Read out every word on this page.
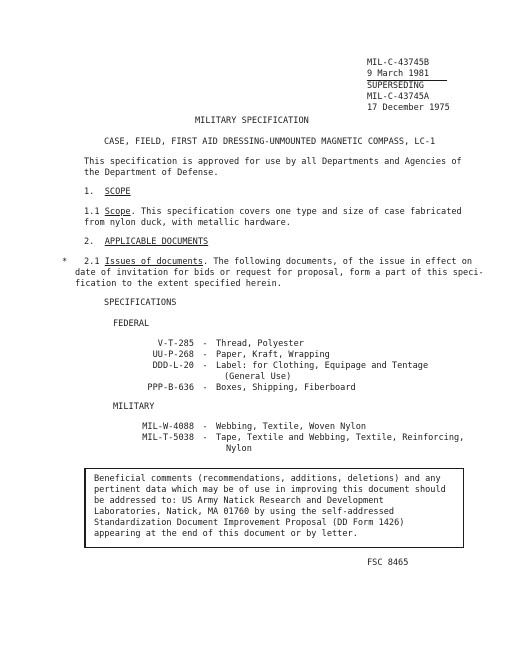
MIL-C-43745B
9 March 1981
SUPERSEDING
MIL-C-43745A
17 December 1975
MILITARY SPECIFICATION
CASE, FIELD, FIRST AID DRESSING-UNMOUNTED MAGNETIC COMPASS, LC-1
This specification is approved for use by all Departments and Agencies of the Department of Defense.
1. SCOPE
1.1 Scope. This specification covers one type and size of case fabricated from nylon duck, with metallic hardware.
2. APPLICABLE DOCUMENTS
* 2.1 Issues of documents. The following documents, of the issue in effect on
date of invitation for bids or request for proposal, form a part of this speci-
fication to the extent specified herein.
SPECIFICATIONS
FEDERAL
V-T-285 - Thread, Polyester
UU-P-268 - Paper, Kraft, Wrapping
DDD-L-20 - Label: for Clothing, Equipage and Tentage
(General Use)
PPP-B-636 - Boxes, Shipping, Fiberboard
MILITARY
MIL-W-4088 - Webbing, Textile, Woven Nylon
MIL-T-5038 - Tape, Textile and Webbing, Textile, Reinforcing,
Nylon
Beneficial comments (recommendations, additions, deletions) and any pertinent data which may be of use in improving this document should be addressed to: US Army Natick Research and Development Laboratories, Natick, MA 01760 by using the self-addressed Standardization Document Improvement Proposal (DD Form 1426) appearing at the end of this document or by letter.
FSC 8465
